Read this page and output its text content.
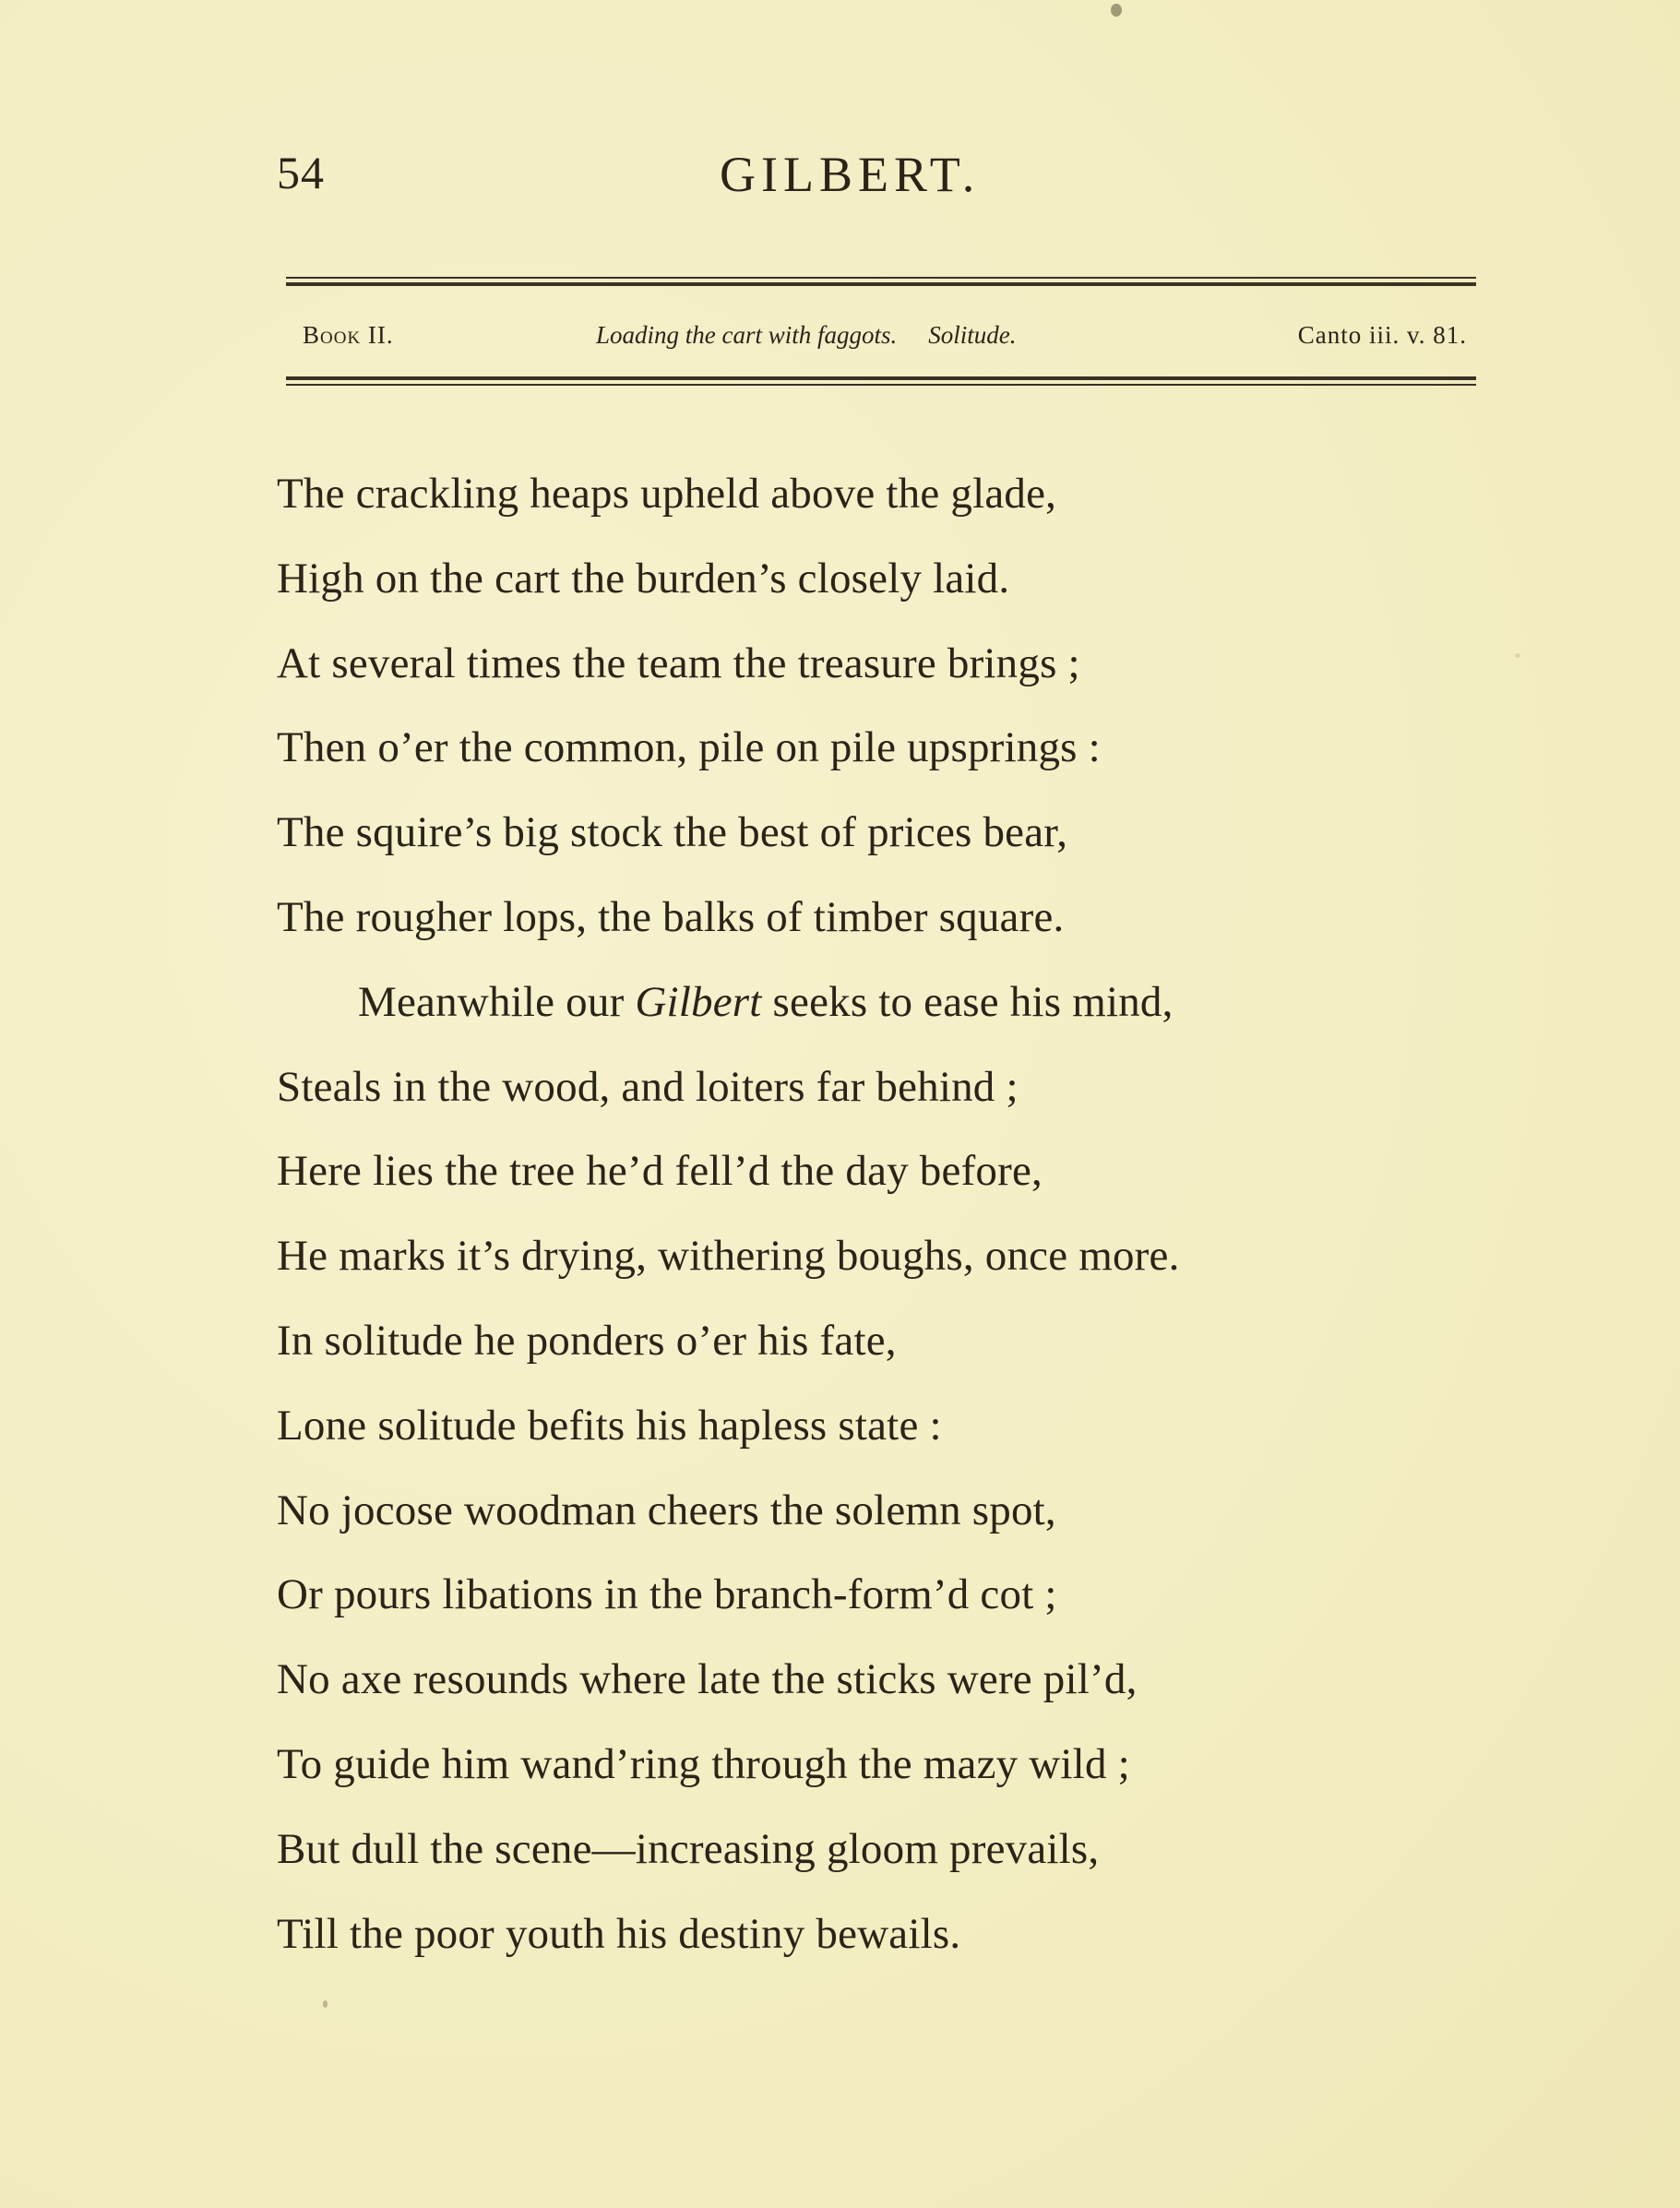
54	GILBERT.
Book II.	Loading the cart with faggots. Solitude.	Canto iii. v. 81.
The crackling heaps upheld above the glade,
High on the cart the burden’s closely laid.
At several times the team the treasure brings ;
Then o’er the common, pile on pile upsprings :
The squire’s big stock the best of prices bear,
The rougher lops, the balks of timber square.
Meanwhile our Gilbert seeks to ease his mind,
Steals in the wood, and loiters far behind ;
Here lies the tree he’d fell’d the day before,
He marks it’s drying, withering boughs, once more.
In solitude he ponders o’er his fate,
Lone solitude befits his hapless state :
No jocose woodman cheers the solemn spot,
Or pours libations in the branch-form’d cot ;
No axe resounds where late the sticks were pil’d,
To guide him wand’ring through the mazy wild ;
But dull the scene—increasing gloom prevails,
Till the poor youth his destiny bewails.
